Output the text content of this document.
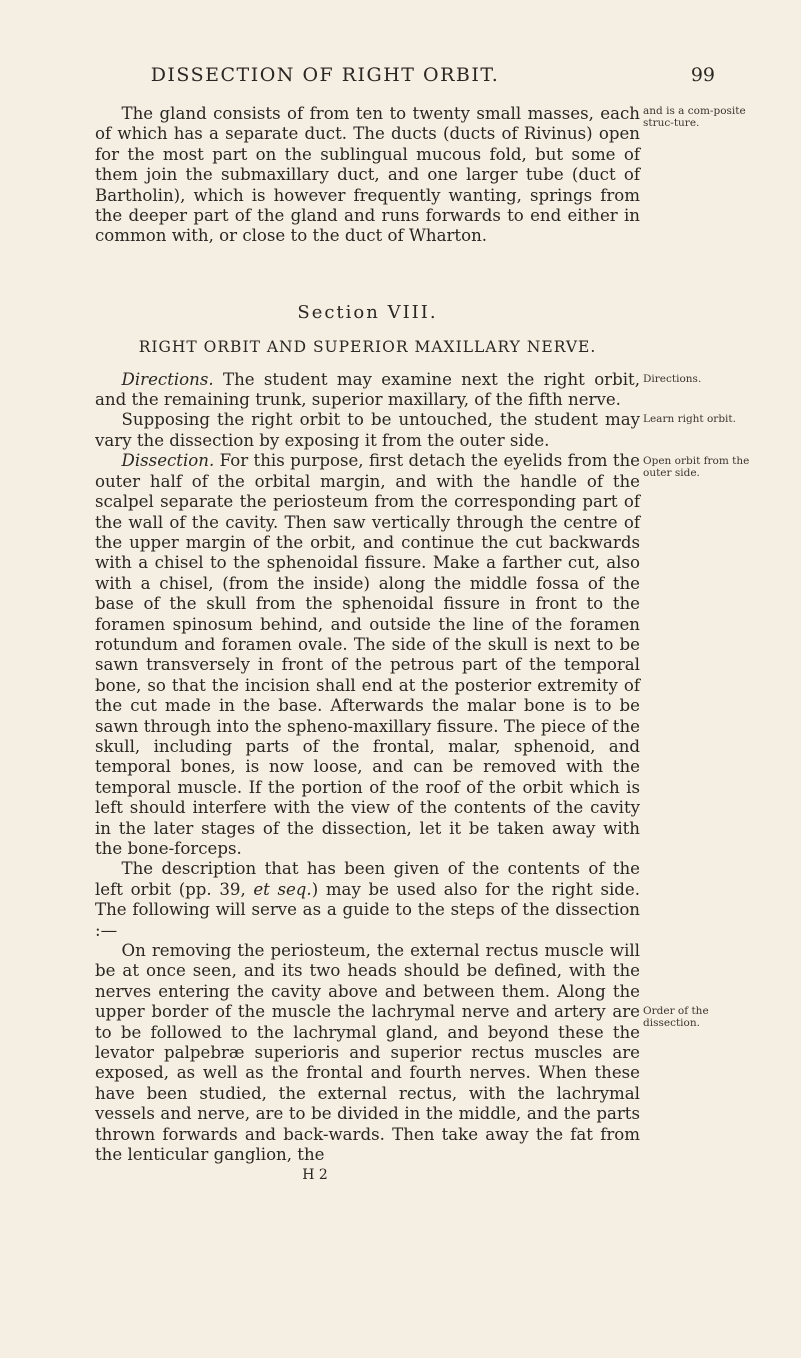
DISSECTION OF RIGHT ORBIT.	99

The gland consists of from ten to twenty small masses, each of which has a separate duct. The ducts (ducts of Rivinus) open for the most part on the sublingual mucous fold, but some of them join the submaxillary duct, and one larger tube (duct of Bartholin), which is however frequently wanting, springs from the deeper part of the gland and runs forwards to end either in common with, or close to the duct of Wharton.

Section VIII.
RIGHT ORBIT AND SUPERIOR MAXILLARY NERVE.

Directions. The student may examine next the right orbit, and the remaining trunk, superior maxillary, of the fifth nerve.

Supposing the right orbit to be untouched, the student may vary the dissection by exposing it from the outer side.

Dissection. For this purpose, first detach the eyelids from the outer half of the orbital margin, and with the handle of the scalpel separate the periosteum from the corresponding part of the wall of the cavity. Then saw vertically through the centre of the upper margin of the orbit, and continue the cut backwards with a chisel to the sphenoidal fissure. Make a farther cut, also with a chisel, (from the inside) along the middle fossa of the base of the skull from the sphenoidal fissure in front to the foramen spinosum behind, and outside the line of the foramen rotundum and foramen ovale. The side of the skull is next to be sawn transversely in front of the petrous part of the temporal bone, so that the incision shall end at the posterior extremity of the cut made in the base. Afterwards the malar bone is to be sawn through into the spheno-maxillary fissure. The piece of the skull, including parts of the frontal, malar, sphenoid, and temporal bones, is now loose, and can be removed with the temporal muscle. If the portion of the roof of the orbit which is left should interfere with the view of the contents of the cavity in the later stages of the dissection, let it be taken away with the bone-forceps.

The description that has been given of the contents of the left orbit (pp. 39, et seq.) may be used also for the right side. The following will serve as a guide to the steps of the dissection :—

On removing the periosteum, the external rectus muscle will be at once seen, and its two heads should be defined, with the nerves entering the cavity above and between them. Along the upper border of the muscle the lachrymal nerve and artery are to be followed to the lachrymal gland, and beyond these the levator palpebræ superioris and superior rectus muscles are exposed, as well as the frontal and fourth nerves. When these have been studied, the external rectus, with the lachrymal vessels and nerve, are to be divided in the middle, and the parts thrown forwards and back-wards. Then take away the fat from the lenticular ganglion, the

H 2
and is a com-posite struc-ture.
Directions.
Learn right orbit.
Open orbit from the outer side.
Order of the dissection.
